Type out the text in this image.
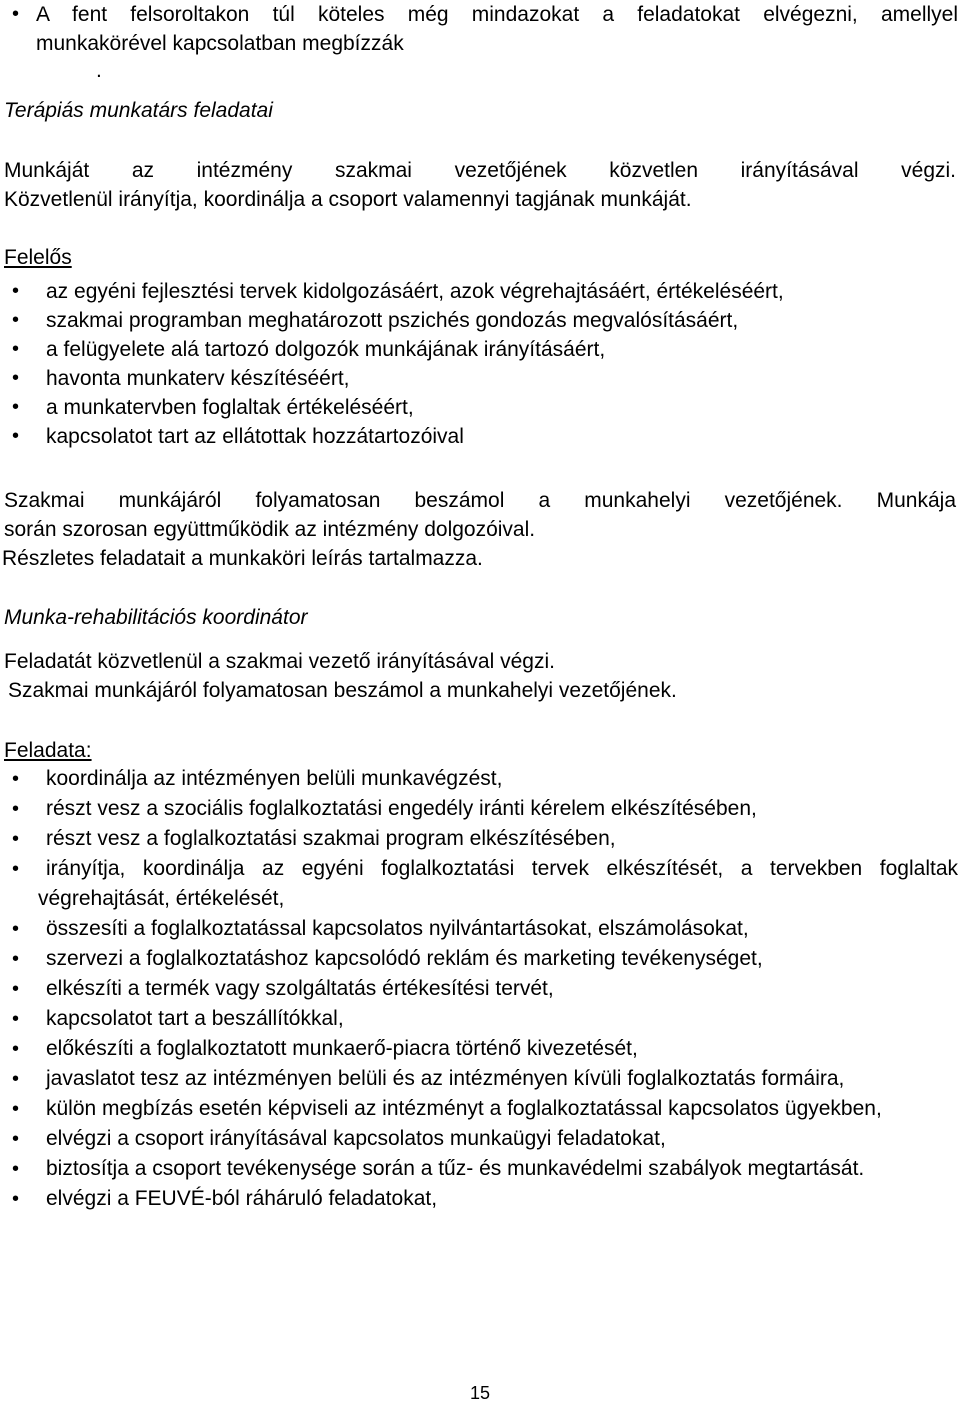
• A fent felsoroltakon túl köteles még mindazokat a feladatokat elvégezni, amellyel
munkakörével kapcsolatban megbízzák
.
Terápiás munkatárs feladatai
Munkáját az intézmény szakmai vezetőjének közvetlen irányításával végzi.
Közvetlenül irányítja, koordinálja a csoport valamennyi tagjának munkáját.
Felelős
• az egyéni fejlesztési tervek kidolgozásáért, azok végrehajtásáért, értékeléséért,
• szakmai programban meghatározott pszichés gondozás megvalósításáért,
• a felügyelete alá tartozó dolgozók munkájának irányításáért,
• havonta munkaterv készítéséért,
• a munkatervben foglaltak értékeléséért,
• kapcsolatot tart az ellátottak hozzátartozóival
Szakmai munkájáról folyamatosan beszámol a munkahelyi vezetőjének. Munkája
során szorosan együttműködik az intézmény dolgozóival.
Részletes feladatait a munkaköri leírás tartalmazza.
Munka-rehabilitációs koordinátor
Feladatát közvetlenül a szakmai vezető irányításával végzi.
Szakmai munkájáról folyamatosan beszámol a munkahelyi vezetőjének.
Feladata:
• koordinálja az intézményen belüli munkavégzést,
• részt vesz a szociális foglalkoztatási engedély iránti kérelem elkészítésében,
• részt vesz a foglalkoztatási szakmai program elkészítésében,
• irányítja, koordinálja az egyéni foglalkoztatási tervek elkészítését, a tervekben foglaltak végrehajtását, értékelését,
• összesíti a foglalkoztatással kapcsolatos nyilvántartásokat, elszámolásokat,
• szervezi a foglalkoztatáshoz kapcsolódó reklám és marketing tevékenységet,
• elkészíti a termék vagy szolgáltatás értékesítési tervét,
• kapcsolatot tart a beszállítókkal,
• előkészíti a foglalkoztatott munkaerő-piacra történő kivezetését,
• javaslatot tesz az intézményen belüli és az intézményen kívüli foglalkoztatás formáira,
• külön megbízás esetén képviseli az intézményt a foglalkoztatással kapcsolatos ügyekben,
• elvégzi a csoport irányításával kapcsolatos munkaügyi feladatokat,
• biztosítja a csoport tevékenysége során a tűz- és munkavédelmi szabályok megtartását.
• elvégzi a FEUVÉ-ból ráháruló feladatokat,
15
